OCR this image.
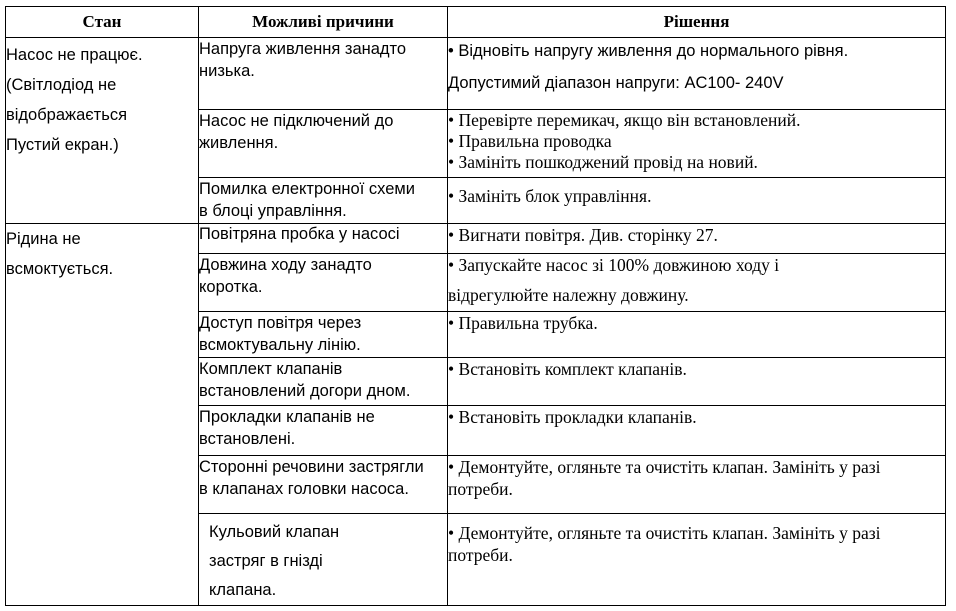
Стан	Можливі причини	Рішення

Насос не працює.
(Світлодіод не
відображається
Пустий екран.)	Напруга живлення занадто
низька.	• Відновіть напругу живлення до нормального рівня.
Допустимий діапазон напруги: AC100- 240V

	Насос не підключений до
живлення.	• Перевірте перемикач, якщо він встановлений.
• Правильна проводка
• Замініть пошкоджений провід на новий.

	Помилка електронної схеми
в блоці управління.	• Замініть блок управління.

Рідина не
всмоктується.	Повітряна пробка у насосі	• Вигнати повітря. Див. сторінку 27.

	Довжина ходу занадто
коротка.	• Запускайте насос зі 100% довжиною ходу і
відрегулюйте належну довжину.

	Доступ повітря через
всмоктувальну лінію.	• Правильна трубка.

	Комплект клапанів
встановлений догори дном.	• Встановіть комплект клапанів.

	Прокладки клапанів не
встановлені.	• Встановіть прокладки клапанів.

	Сторонні речовини застрягли
в клапанах головки насоса.	• Демонтуйте, огляньте та очистіть клапан. Замініть у разі
потреби.

	Кульовий клапан
застряг в гнізді
клапана.	• Демонтуйте, огляньте та очистіть клапан. Замініть у разі
потреби.
